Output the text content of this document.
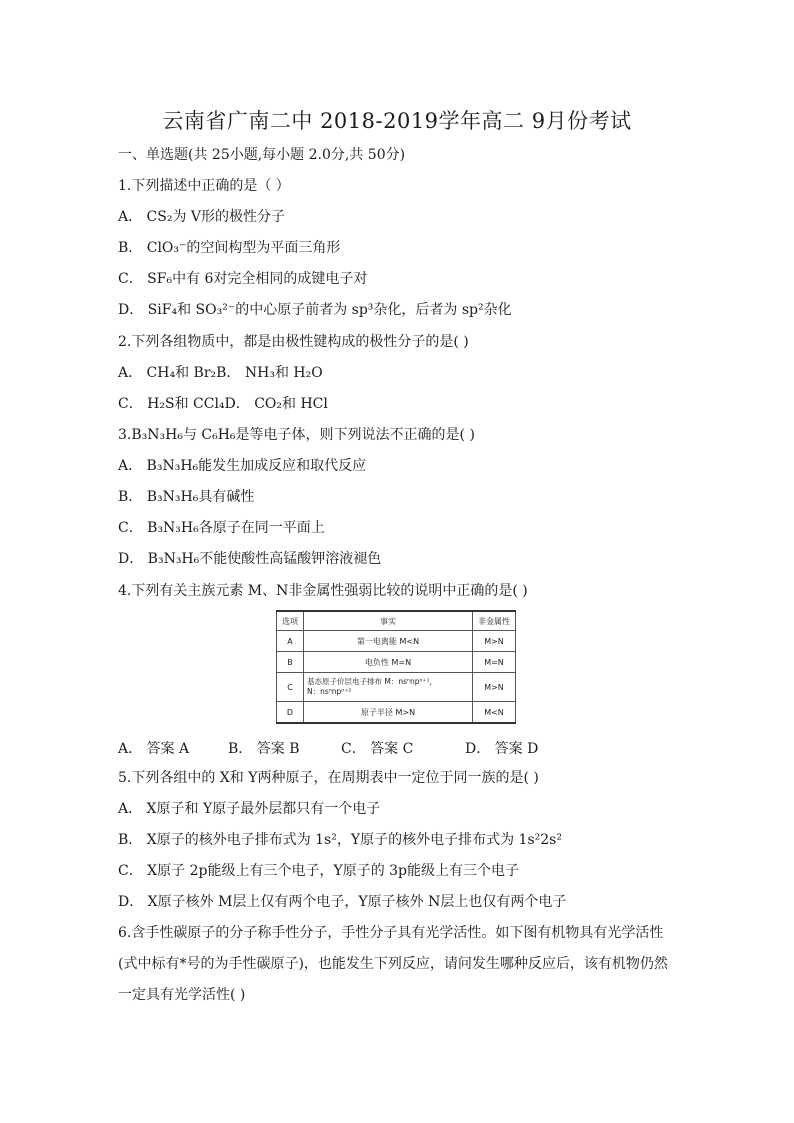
云南省广南二中 2018-2019学年高二 9月份考试
一、单选题(共 25小题,每小题 2.0分,共 50分)
1.下列描述中正确的是（ ）
A． CS₂为 V形的极性分子
B． ClO₃⁻的空间构型为平面三角形
C． SF₆中有 6对完全相同的成键电子对
D． SiF₄和 SO₃²⁻的中心原子前者为 sp³杂化，后者为 sp²杂化
2.下列各组物质中，都是由极性键构成的极性分子的是( )
A． CH₄和 Br₂B． NH₃和 H₂O
C． H₂S和 CCl₄D． CO₂和 HCl
3.B₃N₃H₆与 C₆H₆是等电子体，则下列说法不正确的是( )
A． B₃N₃H₆能发生加成反应和取代反应
B． B₃N₃H₆具有碱性
C． B₃N₃H₆各原子在同一平面上
D． B₃N₃H₆不能使酸性高锰酸钾溶液褪色
4.下列有关主族元素 M、N非金属性强弱比较的说明中正确的是( )
选项	事实	非金属性
A	第一电离能 M<N	M>N
B	电负性 M=N	M=N
C	基态原子价层电子排布 M：nsⁿnpⁿ⁺¹，
N：nsⁿnpⁿ⁺²	M>N
D	原子半径 M>N	M<N
A． 答案 A	B． 答案 B	C． 答案 C	D． 答案 D
5.下列各组中的 X和 Y两种原子，在周期表中一定位于同一族的是( )
A． X原子和 Y原子最外层都只有一个电子
B． X原子的核外电子排布式为 1s²，Y原子的核外电子排布式为 1s²2s²
C． X原子 2p能级上有三个电子，Y原子的 3p能级上有三个电子
D． X原子核外 M层上仅有两个电子，Y原子核外 N层上也仅有两个电子
6.含手性碳原子的分子称手性分子，手性分子具有光学活性。如下图有机物具有光学活性(式中标有*号的为手性碳原子)，也能发生下列反应，请问发生哪种反应后，该有机物仍然一定具有光学活性( )
